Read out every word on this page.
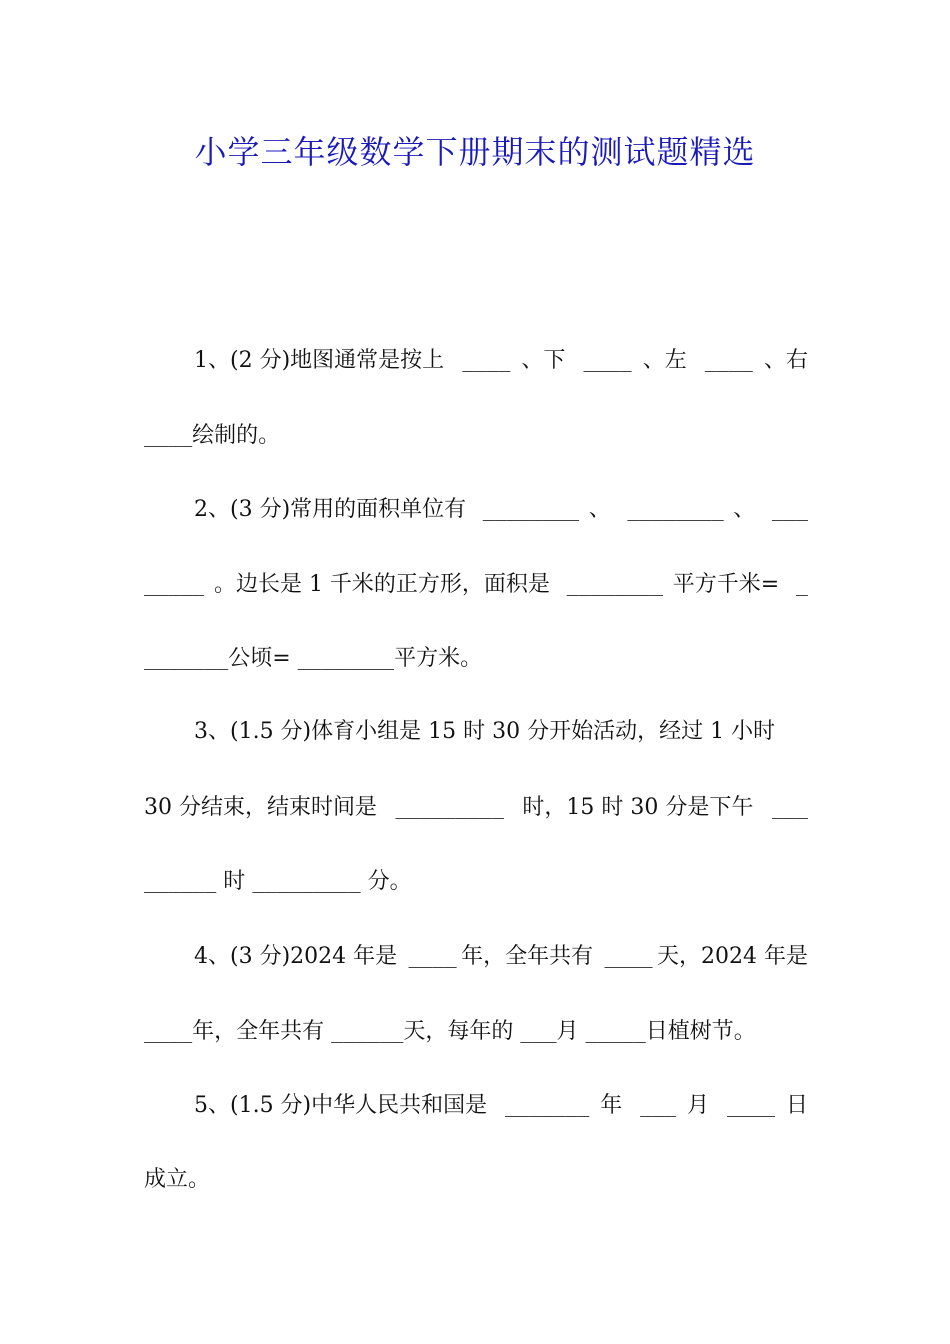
小学三年级数学下册期末的测试题精选
1、(2 分)地图通常是按上 ____ 、下 ____ 、左 ____ 、右
____ 绘制的。
2、(3 分)常用的面积单位有 ________ 、 ________ 、 ___
_____ 。边长是 1 千米的正方形，面积是 ________ 平方千米= _
_______ 公顷= ________ 平方米。
3、(1.5 分)体育小组是 15 时 30 分开始活动，经过 1 小时
30 分结束，结束时间是 _________ 时，15 时 30 分是下午 ___
______ 时 _________ 分。
4、(3 分)2024 年是 ____ 年，全年共有 ____ 天，2024 年是
____ 年，全年共有 ______ 天，每年的 ___ 月 _____ 日植树节。
5、(1.5 分)中华人民共和国是 _______ 年 ___ 月 ____ 日
成立。
